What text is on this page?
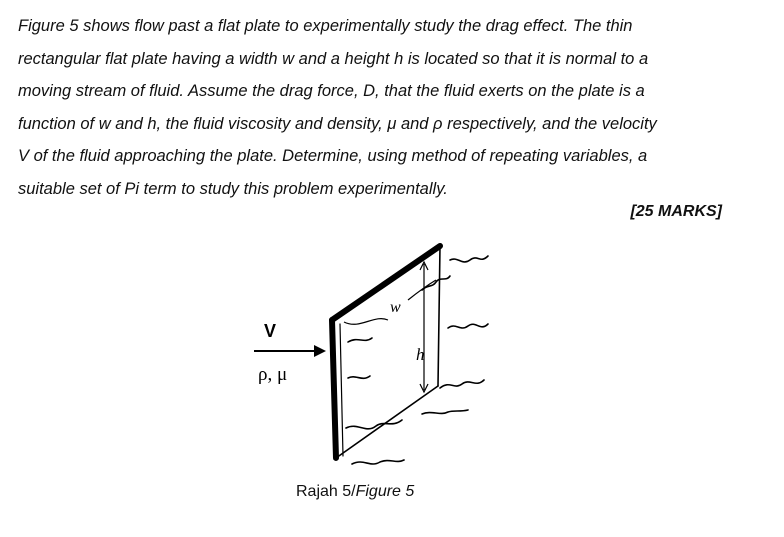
Figure 5 shows flow past a flat plate to experimentally study the drag effect. The thin
rectangular flat plate having a width w and a height h is located so that it is normal to a
moving stream of fluid. Assume the drag force, D, that the fluid exerts on the plate is a
function of w and h, the fluid viscosity and density, μ and ρ respectively, and the velocity
V of the fluid approaching the plate. Determine, using method of repeating variables, a
suitable set of Pi term to study this problem experimentally.
[25 MARKS]
V
ρ, μ
h
w
Rajah 5/Figure 5
